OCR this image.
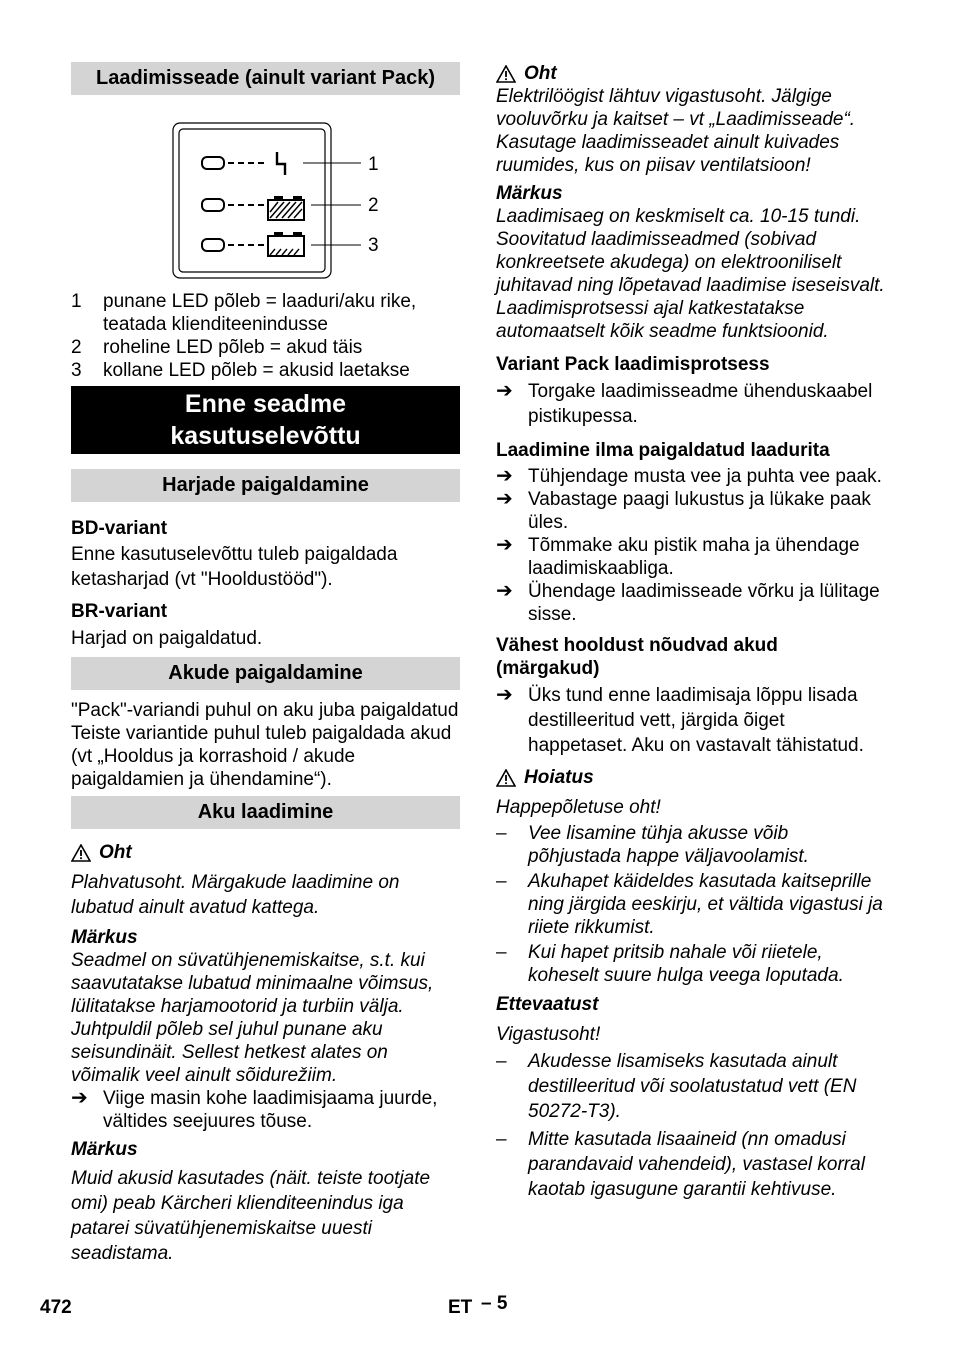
Laadimisseade (ainult variant Pack)
1
2
3
1	punane LED põleb = laaduri/aku rike, teatada klienditeenindusse
2	roheline LED põleb = akud täis
3	kollane LED põleb = akusid laetakse
Enne seadme
kasutuselevõttu
Harjade paigaldamine

BD-variant

Enne kasutuselevõttu tuleb paigaldada ketasharjad (vt "Hooldustööd").

BR-variant

Harjad on paigaldatud.

Akude paigaldamine

"Pack"-variandi puhul on aku juba paigaldatud

Teiste variantide puhul tuleb paigaldada akud (vt „Hooldus ja korrashoid / akude paigaldamien ja ühendamine“).

Aku laadimine
Oht

Plahvatusoht. Märgakude laadimine on lubatud ainult avatud kattega.

Märkus

Seadmel on süvatühjenemiskaitse, s.t. kui saavutatakse lubatud minimaalne võimsus, lülitatakse harjamootorid ja turbiin välja. Juhtpuldil põleb sel juhul punane aku seisundinäit. Sellest hetkest alates on võimalik veel ainult sõidurežiim.

➔ Viige masin kohe laadimisjaama juurde, vältides seejuures tõuse.

Märkus

Muid akusid kasutades (näit. teiste tootjate omi) peab Kärcheri klienditeenindus iga patarei süvatühjenemiskaitse uuesti seadistama.

Oht

Elektrilöögist lähtuv vigastusoht. Jälgige vooluvõrku ja kaitset – vt „Laadimisseade“. Kasutage laadimisseadet ainult kuivades ruumides, kus on piisav ventilatsioon!

Märkus

Laadimisaeg on keskmiselt ca. 10-15 tundi. Soovitatud laadimisseadmed (sobivad konkreetsete akudega) on elektrooniliselt juhitavad ning lõpetavad laadimise iseseisvalt.

Laadimisprotsessi ajal katkestatakse automaatselt kõik seadme funktsioonid.

Variant Pack laadimisprotsess

➔ Torgake laadimisseadme ühenduskaabel pistikupessa.

Laadimine ilma paigaldatud laadurita

➔ Tühjendage musta vee ja puhta vee paak.
➔ Vabastage paagi lukustus ja lükake paak üles.
➔ Tõmmake aku pistik maha ja ühendage laadimiskaabliga.
➔ Ühendage laadimisseade võrku ja lülitage sisse.

Vähest hooldust nõudvad akud (märgakud)

➔ Üks tund enne laadimisaja lõppu lisada destilleeritud vett, järgida õiget happetaset. Aku on vastavalt tähistatud.
Hoiatus

Happepõletuse oht!

–	Vee lisamine tühja akusse võib põhjustada happe väljavoolamist.
–	Akuhapet käideldes kasutada kaitseprille ning järgida eeskirju, et vältida vigastusi ja riiete rikkumist.
–	Kui hapet pritsib nahale või riietele, koheselt suure hulga veega loputada.

Ettevaatust

Vigastusoht!

–	Akudesse lisamiseks kasutada ainult destilleeritud või soolatustatud vett (EN 50272-T3).
–	Mitte kasutada lisaaineid (nn omadusi parandavaid vahendeid), vastasel korral kaotab igasugune garantii kehtivuse.
472	ET – 5
